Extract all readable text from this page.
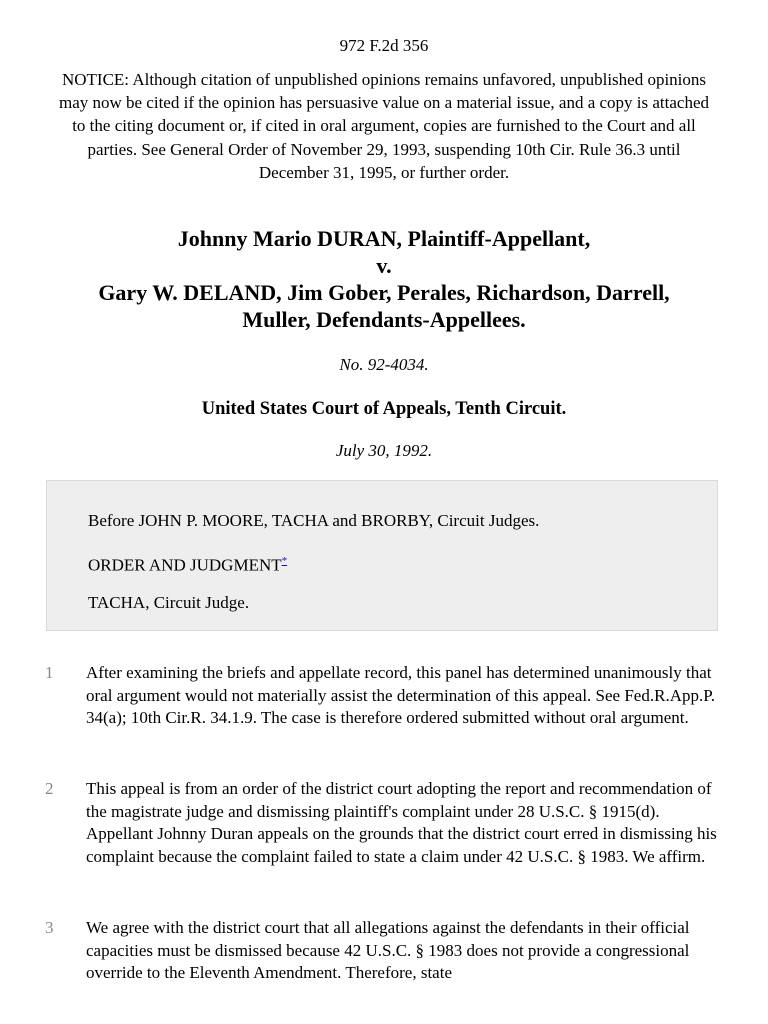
972 F.2d 356
NOTICE: Although citation of unpublished opinions remains unfavored, unpublished opinions may now be cited if the opinion has persuasive value on a material issue, and a copy is attached to the citing document or, if cited in oral argument, copies are furnished to the Court and all parties. See General Order of November 29, 1993, suspending 10th Cir. Rule 36.3 until December 31, 1995, or further order.
Johnny Mario DURAN, Plaintiff-Appellant,
v.
Gary W. DELAND, Jim Gober, Perales, Richardson, Darrell,
Muller, Defendants-Appellees.
No. 92-4034.
United States Court of Appeals, Tenth Circuit.
July 30, 1992.

Before JOHN P. MOORE, TACHA and BRORBY, Circuit Judges.

ORDER AND JUDGMENT*

TACHA, Circuit Judge.

1 After examining the briefs and appellate record, this panel has determined unanimously that oral argument would not materially assist the determination of this appeal. See Fed.R.App.P. 34(a); 10th Cir.R. 34.1.9. The case is therefore ordered submitted without oral argument.

2 This appeal is from an order of the district court adopting the report and recommendation of the magistrate judge and dismissing plaintiff's complaint under 28 U.S.C. § 1915(d). Appellant Johnny Duran appeals on the grounds that the district court erred in dismissing his complaint because the complaint failed to state a claim under 42 U.S.C. § 1983. We affirm.

3 We agree with the district court that all allegations against the defendants in their official capacities must be dismissed because 42 U.S.C. § 1983 does not provide a congressional override to the Eleventh Amendment. Therefore, state
